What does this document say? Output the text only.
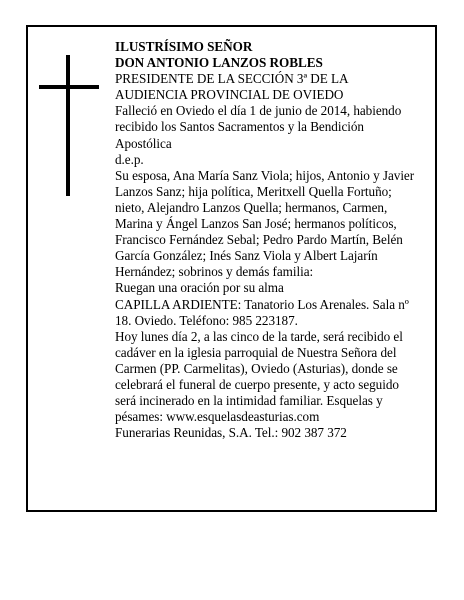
ILUSTRÍSIMO SEÑOR

DON ANTONIO LANZOS ROBLES

PRESIDENTE DE LA SECCIÓN 3ª DE LA AUDIENCIA PROVINCIAL DE OVIEDO

Falleció en Oviedo el día 1 de junio de 2014, habiendo recibido los Santos Sacramentos y la Bendición Apostólica

d.e.p.

Su esposa, Ana María Sanz Viola; hijos, Antonio y Javier Lanzos Sanz; hija política, Meritxell Quella Fortuño; nieto, Alejandro Lanzos Quella; hermanos, Carmen, Marina y Ángel Lanzos San José; hermanos políticos, Francisco Fernández Sebal; Pedro Pardo Martín, Belén García González; Inés Sanz Viola y Albert Lajarín Hernández; sobrinos y demás familia:

Ruegan una oración por su alma

CAPILLA ARDIENTE: Tanatorio Los Arenales. Sala nº 18. Oviedo. Teléfono: 985 223187.

Hoy lunes día 2, a las cinco de la tarde, será recibido el cadáver en la iglesia parroquial de Nuestra Señora del Carmen (PP. Carmelitas), Oviedo (Asturias), donde se celebrará el funeral de cuerpo presente, y acto seguido será incinerado en la intimidad familiar. Esquelas y pésames: www.esquelasdeasturias.com

Funerarias Reunidas, S.A. Tel.: 902 387 372
